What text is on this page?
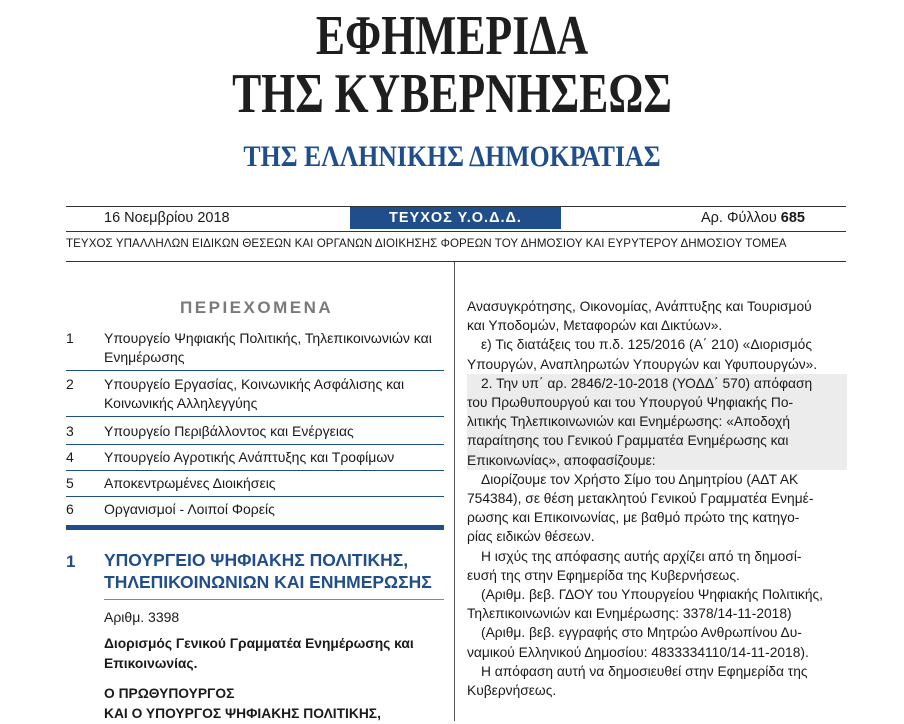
ΕΦΗΜΕΡΙΔΑ
ΤΗΣ ΚΥΒΕΡΝΗΣΕΩΣ
ΤΗΣ ΕΛΛΗΝΙΚΗΣ ΔΗΜΟΚΡΑΤΙΑΣ
16 Νοεμβρίου 2018	ΤΕΥΧΟΣ Υ.Ο.Δ.Δ.	Αρ. Φύλλου 685
ΤΕΥΧΟΣ ΥΠΑΛΛΗΛΩΝ ΕΙΔΙΚΩΝ ΘΕΣΕΩΝ ΚΑΙ ΟΡΓΑΝΩΝ ΔΙΟΙΚΗΣΗΣ ΦΟΡΕΩΝ ΤΟΥ ΔΗΜΟΣΙΟΥ ΚΑΙ ΕΥΡΥΤΕΡΟΥ ΔΗΜΟΣΙΟΥ ΤΟΜΕΑ
ΠΕΡΙΕΧΟΜΕΝΑ
1 Υπουργείο Ψηφιακής Πολιτικής, Τηλεπικοινωνιών και Ενημέρωσης
2 Υπουργείο Εργασίας, Κοινωνικής Ασφάλισης και Κοινωνικής Αλληλεγγύης
3 Υπουργείο Περιβάλλοντος και Ενέργειας
4 Υπουργείο Αγροτικής Ανάπτυξης και Τροφίμων
5 Αποκεντρωμένες Διοικήσεις
6 Οργανισμοί - Λοιποί Φορείς
1 ΥΠΟΥΡΓΕΙΟ ΨΗΦΙΑΚΗΣ ΠΟΛΙΤΙΚΗΣ,
ΤΗΛΕΠΙΚΟΙΝΩΝΙΩΝ ΚΑΙ ΕΝΗΜΕΡΩΣΗΣ
Αριθμ. 3398
Διορισμός Γενικού Γραμματέα Ενημέρωσης και Επικοινωνίας.
Ο ΠΡΩΘΥΠΟΥΡΓΟΣ
ΚΑΙ Ο ΥΠΟΥΡΓΟΣ ΨΗΦΙΑΚΗΣ ΠΟΛΙΤΙΚΗΣ,
Ανασυγκρότησης, Οικονομίας, Ανάπτυξης και Τουρισμού
και Υποδομών, Μεταφορών και Δικτύων».
ε) Τις διατάξεις του π.δ. 125/2016 (Α΄ 210) «Διορισμός
Υπουργών, Αναπληρωτών Υπουργών και Υφυπουργών».
2. Την υπ΄ αρ. 2846/2-10-2018 (ΥΟΔΔ΄ 570) απόφαση
του Πρωθυπουργού και του Υπουργού Ψηφιακής Πο-
λιτικής Τηλεπικοινωνιών και Ενημέρωσης: «Αποδοχή
παραίτησης του Γενικού Γραμματέα Ενημέρωσης και
Επικοινωνίας», αποφασίζουμε:
Διορίζουμε τον Χρήστο Σίμο του Δημητρίου (ΑΔΤ ΑΚ
754384), σε θέση μετακλητού Γενικού Γραμματέα Ενημέ-
ρωσης και Επικοινωνίας, με βαθμό πρώτο της κατηγο-
ρίας ειδικών θέσεων.
Η ισχύς της απόφασης αυτής αρχίζει από τη δημοσί-
ευσή της στην Εφημερίδα της Κυβερνήσεως.
(Αριθμ. βεβ. ΓΔΟΥ του Υπουργείου Ψηφιακής Πολιτικής,
Τηλεπικοινωνιών και Ενημέρωσης: 3378/14-11-2018)
(Αριθμ. βεβ. εγγραφής στο Μητρώο Ανθρωπίνου Δυ-
ναμικού Ελληνικού Δημοσίου: 4833334110/14-11-2018).
Η απόφαση αυτή να δημοσιευθεί στην Εφημερίδα της
Κυβερνήσεως.
